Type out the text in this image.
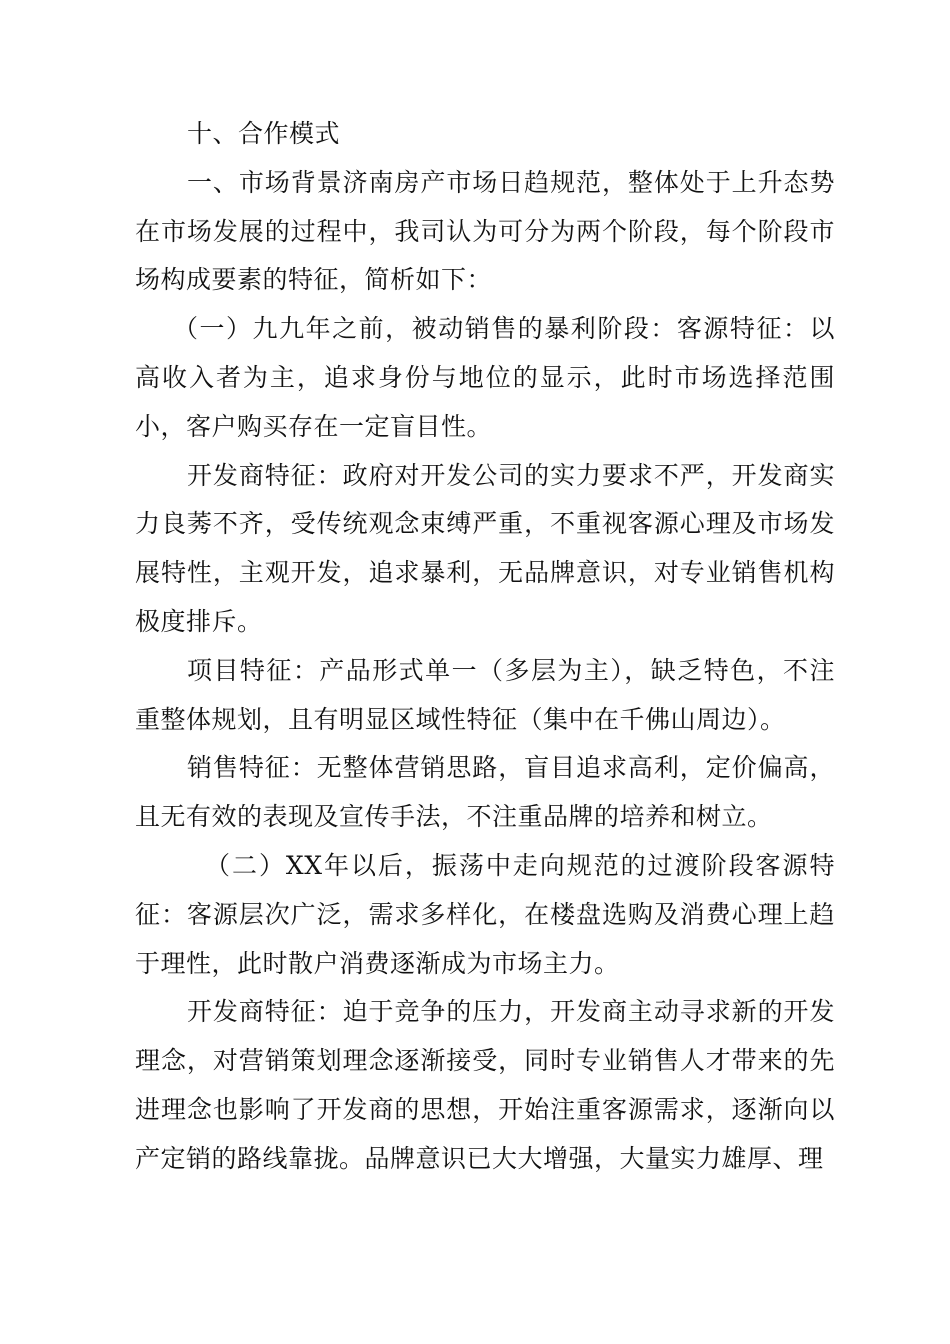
十、合作模式

一、市场背景济南房产市场日趋规范，整体处于上升态势在市场发展的过程中，我司认为可分为两个阶段，每个阶段市场构成要素的特征，简析如下：

（一）九九年之前，被动销售的暴利阶段：客源特征：以高收入者为主，追求身份与地位的显示，此时市场选择范围小，客户购买存在一定盲目性。

开发商特征：政府对开发公司的实力要求不严，开发商实力良莠不齐，受传统观念束缚严重，不重视客源心理及市场发展特性，主观开发，追求暴利，无品牌意识，对专业销售机构极度排斥。

项目特征：产品形式单一（多层为主），缺乏特色，不注重整体规划，且有明显区域性特征（集中在千佛山周边）。

销售特征：无整体营销思路，盲目追求高利，定价偏高，且无有效的表现及宣传手法，不注重品牌的培养和树立。

（二）XX年以后，振荡中走向规范的过渡阶段客源特征：客源层次广泛，需求多样化，在楼盘选购及消费心理上趋于理性，此时散户消费逐渐成为市场主力。

开发商特征：迫于竞争的压力，开发商主动寻求新的开发理念，对营销策划理念逐渐接受，同时专业销售人才带来的先进理念也影响了开发商的思想，开始注重客源需求，逐渐向以产定销的路线靠拢。品牌意识已大大增强，大量实力雄厚、理
